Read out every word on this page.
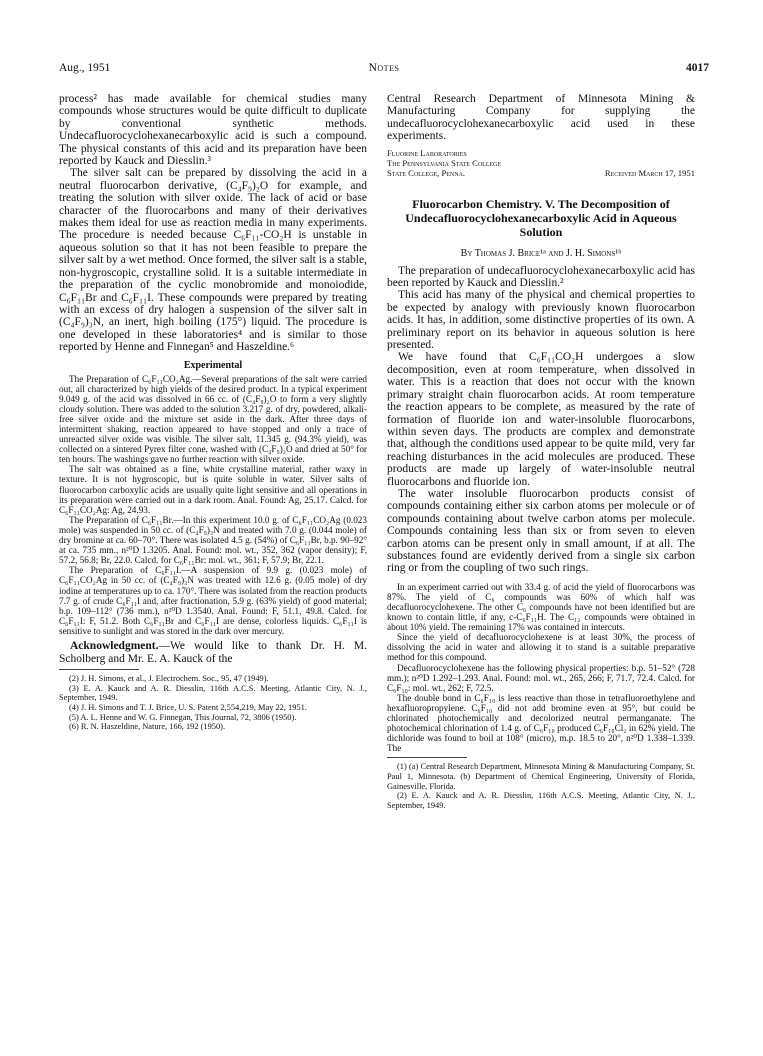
Aug., 1951	Notes	4017

process² has made available for chemical studies many compounds whose structures would be quite difficult to duplicate by conventional synthetic methods. Undecafluorocyclohexanecarboxylic acid is such a compound. The physical constants of this acid and its preparation have been reported by Kauck and Diesslin.³

The silver salt can be prepared by dissolving the acid in a neutral fluorocarbon derivative, (C₄F₉)₂O for example, and treating the solution with silver oxide. The lack of acid or base character of the fluorocarbons and many of their derivatives makes them ideal for use as reaction media in many experiments. The procedure is needed because C₆F₁₁-CO₂H is unstable in aqueous solution so that it has not been feasible to prepare the silver salt by a wet method. Once formed, the silver salt is a stable, non-hygroscopic, crystalline solid. It is a suitable intermediate in the preparation of the cyclic monobromide and monoiodide, C₆F₁₁Br and C₆F₁₁I. These compounds were prepared by treating with an excess of dry halogen a suspension of the silver salt in (C₄F₉)₃N, an inert, high boiling (175°) liquid. The procedure is one developed in these laboratories⁴ and is similar to those reported by Henne and Finnegan⁵ and Haszeldine.⁶

Experimental

The Preparation of C₆F₁₁CO₂Ag.—Several preparations of the salt were carried out, all characterized by high yields of the desired product. In a typical experiment 9.049 g. of the acid was dissolved in 66 cc. of (C₄F₉)₂O to form a very slightly cloudy solution. There was added to the solution 3.217 g. of dry, powdered, alkali-free silver oxide and the mixture set aside in the dark. After three days of intermittent shaking, reaction appeared to have stopped and only a trace of unreacted silver oxide was visible. The silver salt, 11.345 g. (94.3% yield), was collected on a sintered Pyrex filter cone, washed with (C₄F₉)₂O and dried at 50° for ten hours. The washings gave no further reaction with silver oxide.

The salt was obtained as a fine, white crystalline material, rather waxy in texture. It is not hygroscopic, but is quite soluble in water. Silver salts of fluorocarbon carboxylic acids are usually quite light sensitive and all operations in its preparation were carried out in a dark room. Anal. Found: Ag, 25.17. Calcd. for C₆F₁₁CO₂Ag: Ag, 24.93.

The Preparation of C₆F₁₁Br.—In this experiment 10.0 g. of C₆F₁₁CO₂Ag (0.023 mole) was suspended in 50 cc. of (C₄F₉)₃N and treated with 7.0 g. (0.044 mole) of dry bromine at ca. 60–70°. There was isolated 4.5 g. (54%) of C₆F₁₁Br, b.p. 90–92° at ca. 735 mm., n²⁰D 1.3205. Anal. Found: mol. wt., 352, 362 (vapor density); F, 57.2, 56.8; Br, 22.0. Calcd. for C₆F₁₁Br: mol. wt., 361; F, 57.9; Br, 22.1.

The Preparation of C₆F₁₁I.—A suspension of 9.9 g. (0.023 mole) of C₆F₁₁CO₂Ag in 50 cc. of (C₄F₉)₃N was treated with 12.6 g. (0.05 mole) of dry iodine at temperatures up to ca. 170°. There was isolated from the reaction products 7.7 g. of crude C₆F₁₁I and, after fractionation, 5.9 g. (63% yield) of good material; b.p. 109–112° (736 mm.), n²⁰D 1.3540. Anal. Found: F, 51.1, 49.8. Calcd. for C₆F₁₁I: F, 51.2. Both C₆F₁₁Br and C₆F₁₁I are dense, colorless liquids. C₆F₁₁I is sensitive to sunlight and was stored in the dark over mercury.

Acknowledgment.—We would like to thank Dr. H. M. Scholberg and Mr. E. A. Kauck of the

(2) J. H. Simons, et al., J. Electrochem. Soc., 95, 47 (1949).

(3) E. A. Kauck and A. R. Diesslin, 116th A.C.S. Meeting, Atlantic City, N. J., September, 1949.

(4) J. H. Simons and T. J. Brice, U. S. Patent 2,554,219, May 22, 1951.

(5) A. L. Henne and W. G. Finnegan, This Journal, 72, 3806 (1950).

(6) R. N. Haszeldine, Nature, 166, 192 (1950).

Central Research Department of Minnesota Mining & Manufacturing Company for supplying the undecafluorocyclohexanecarboxylic acid used in these experiments.

Fluorine Laboratories
The Pennsylvania State College
State College, Penna.	Received March 17, 1951
Fluorocarbon Chemistry. V. The Decomposition of Undecafluorocyclohexanecarboxylic Acid in Aqueous Solution
By Thomas J. Brice¹ᵃ and J. H. Simons¹ᵇ

The preparation of undecafluorocyclohexanecarboxylic acid has been reported by Kauck and Diesslin.²

This acid has many of the physical and chemical properties to be expected by analogy with previously known fluorocarbon acids. It has, in addition, some distinctive properties of its own. A preliminary report on its behavior in aqueous solution is here presented.

We have found that C₆F₁₁CO₂H undergoes a slow decomposition, even at room temperature, when dissolved in water. This is a reaction that does not occur with the known primary straight chain fluorocarbon acids. At room temperature the reaction appears to be complete, as measured by the rate of formation of fluoride ion and water-insoluble fluorocarbons, within seven days. The products are complex and demonstrate that, although the conditions used appear to be quite mild, very far reaching disturbances in the acid molecules are produced. These products are made up largely of water-insoluble neutral fluorocarbons and fluoride ion.

The water insoluble fluorocarbon products consist of compounds containing either six carbon atoms per molecule or of compounds containing about twelve carbon atoms per molecule. Compounds containing less than six or from seven to eleven carbon atoms can be present only in small amount, if at all. The substances found are evidently derived from a single six carbon ring or from the coupling of two such rings.

In an experiment carried out with 33.4 g. of acid the yield of fluorocarbons was 87%. The yield of C₆ compounds was 60% of which half was decafluorocyclohexene. The other C₆ compounds have not been identified but are known to contain little, if any, c-C₆F₁₁H. The C₁₂ compounds were obtained in about 10% yield. The remaining 17% was contained in intercuts.

Since the yield of decafluorocyclohexene is at least 30%, the process of dissolving the acid in water and allowing it to stand is a suitable preparative method for this compound.

Decafluorocyclohexene has the following physical properties: b.p. 51–52° (728 mm.); n²⁰D 1.292–1.293. Anal. Found: mol. wt., 265, 266; F, 71.7, 72.4. Calcd. for C₆F₁₀: mol. wt., 262; F, 72.5.

The double bond in C₆F₁₀ is less reactive than those in tetrafluoroethylene and hexafluoropropylene. C₆F₁₀ did not add bromine even at 95°, but could be chlorinated photochemically and decolorized neutral permanganate. The photochemical chlorination of 1.4 g. of C₆F₁₀ produced C₆F₁₀Cl₂ in 62% yield. The dichloride was found to boil at 108° (micro), m.p. 18.5 to 20°, n²⁰D 1.338–1.339. The

(1) (a) Central Research Department, Minnesota Mining & Manufacturing Company, St. Paul 1, Minnesota. (b) Department of Chemical Engineering, University of Florida, Gainesville, Florida.

(2) E. A. Kauck and A. R. Diesslin, 116th A.C.S. Meeting, Atlantic City, N. J., September, 1949.
